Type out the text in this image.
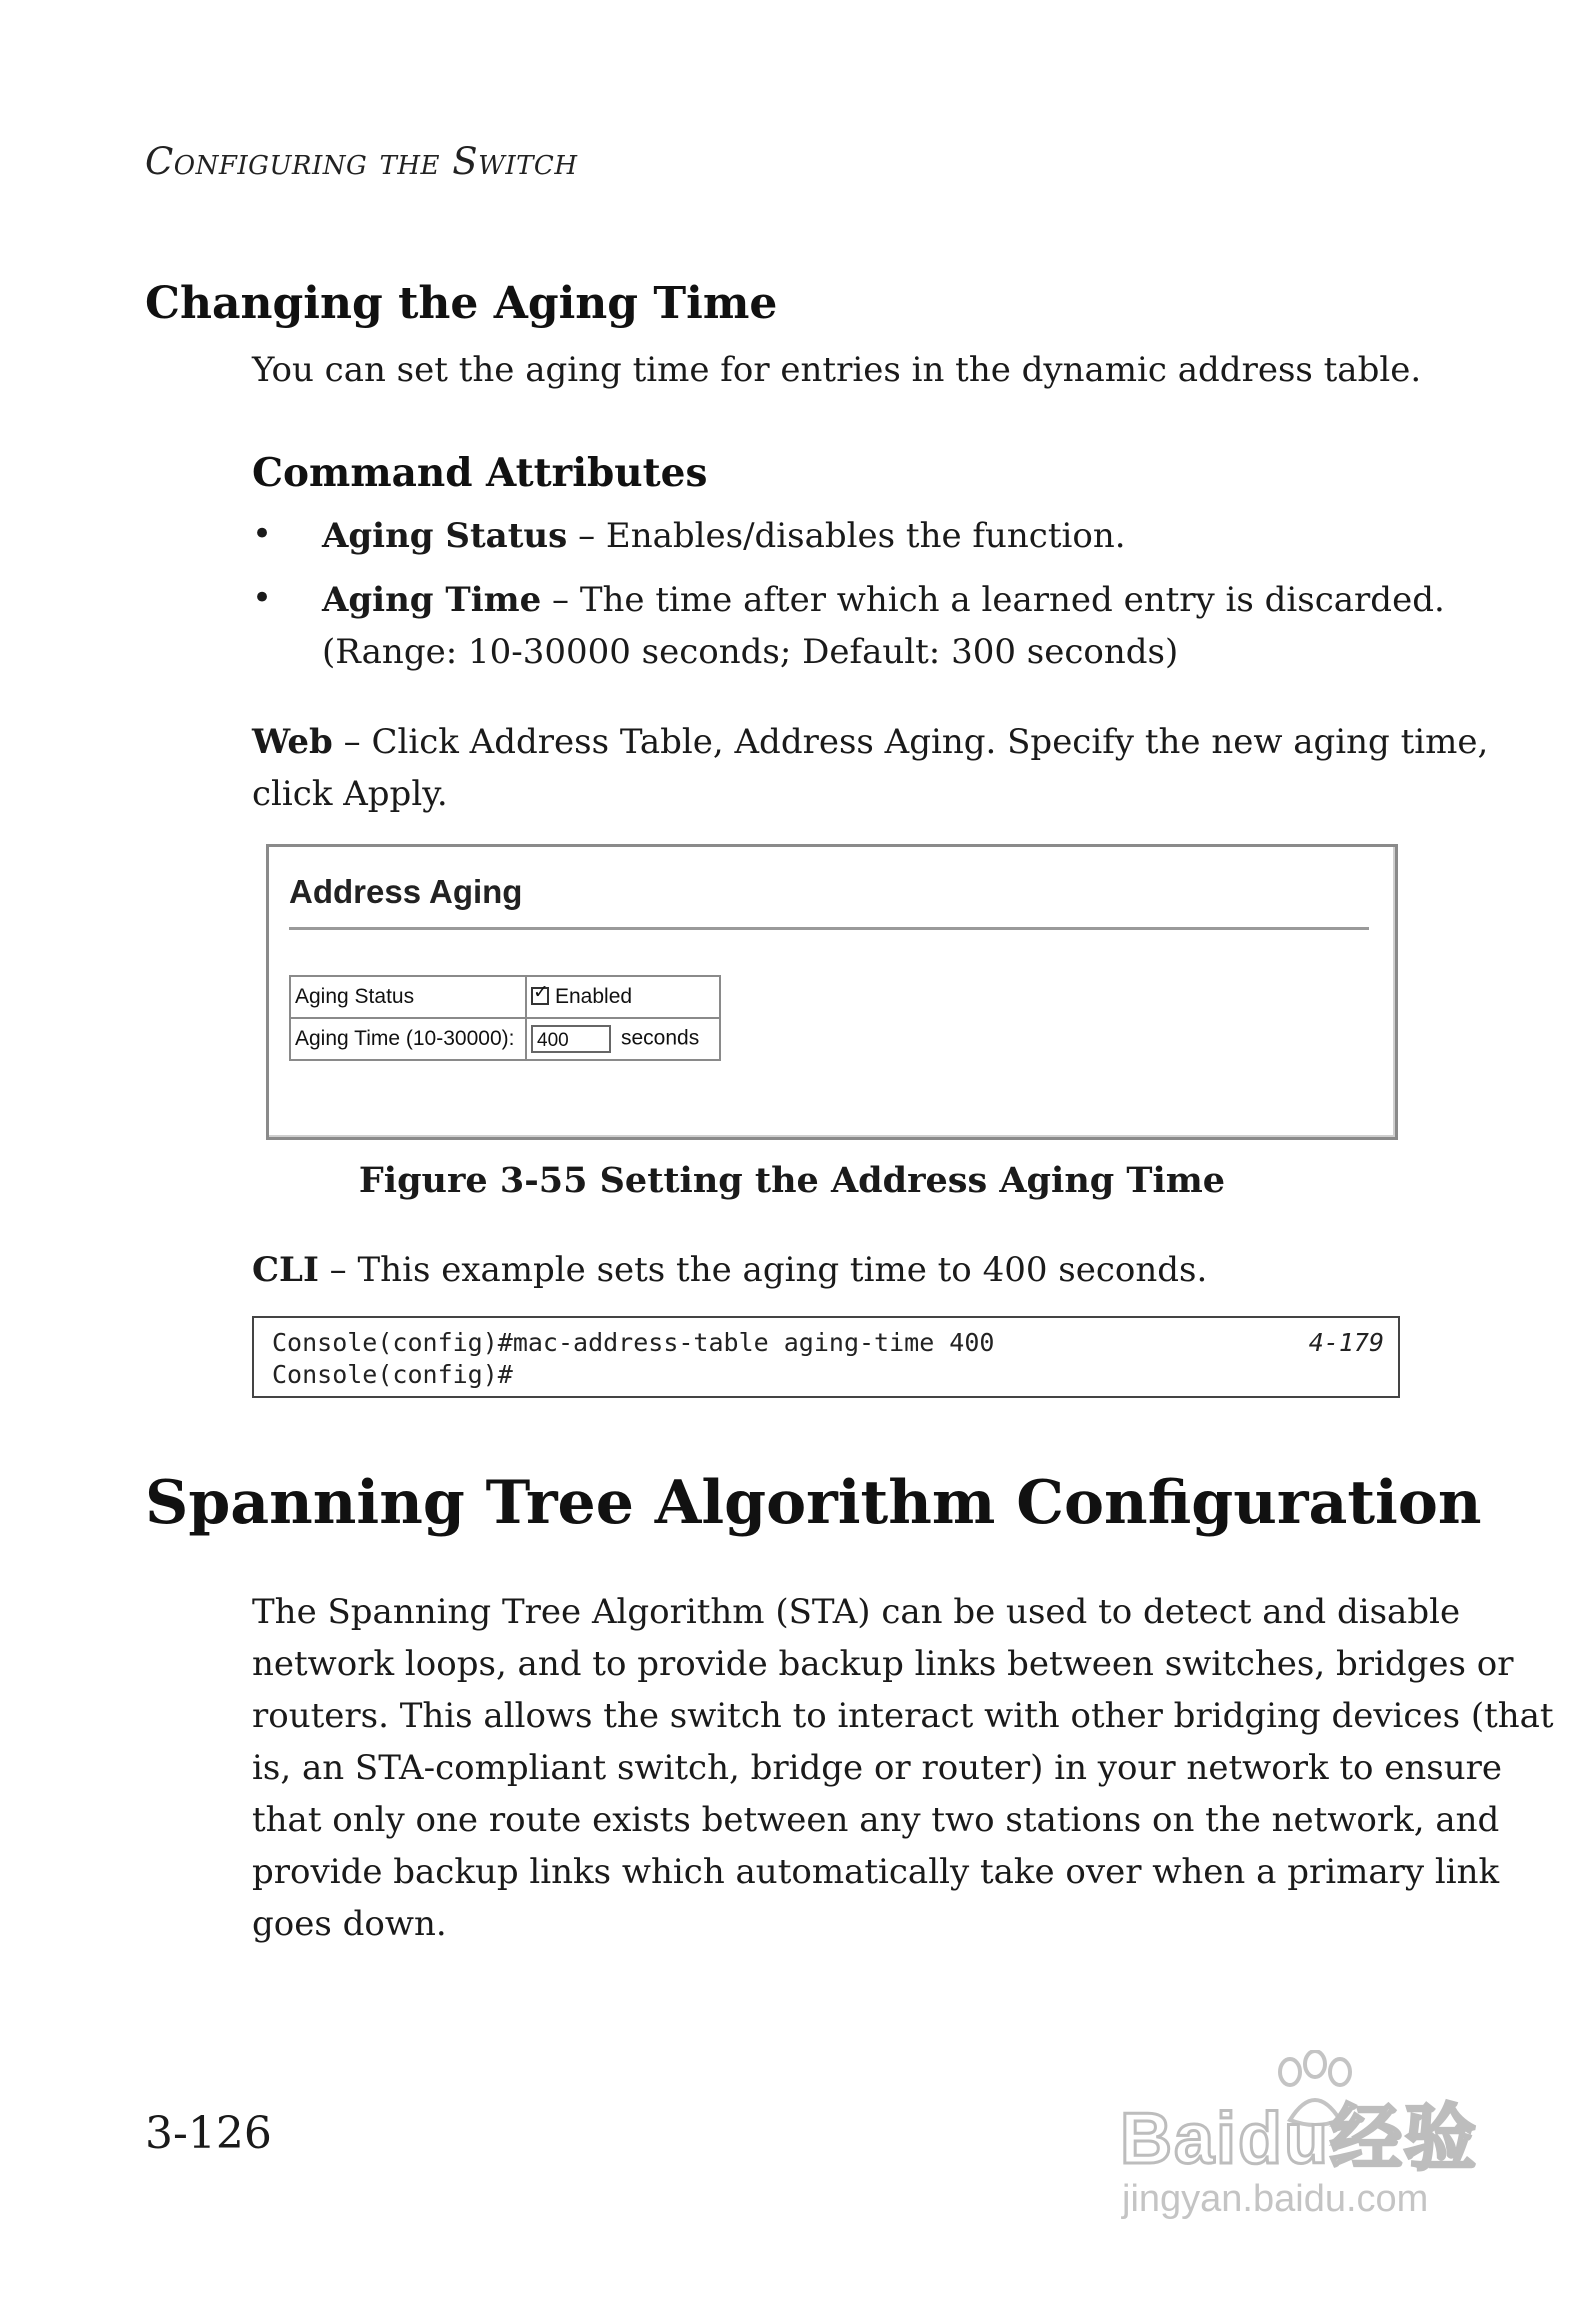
Configuring the Switch
Changing the Aging Time
You can set the aging time for entries in the dynamic address table.
Command Attributes
• Aging Status – Enables/disables the function.
• Aging Time – The time after which a learned entry is discarded.
(Range: 10-30000 seconds; Default: 300 seconds)
Web – Click Address Table, Address Aging. Specify the new aging time,
click Apply.
Address Aging
Aging Status	✓ Enabled
Aging Time (10-30000):	400 seconds
Figure 3-55 Setting the Address Aging Time
CLI – This example sets the aging time to 400 seconds.
Console(config)#mac-address-table aging-time 400
Console(config)#
4-179
Spanning Tree Algorithm Configuration
The Spanning Tree Algorithm (STA) can be used to detect and disable
network loops, and to provide backup links between switches, bridges or
routers. This allows the switch to interact with other bridging devices (that
is, an STA-compliant switch, bridge or router) in your network to ensure
that only one route exists between any two stations on the network, and
provide backup links which automatically take over when a primary link
goes down.
3-126	Baidu经验
jingyan.baidu.com
